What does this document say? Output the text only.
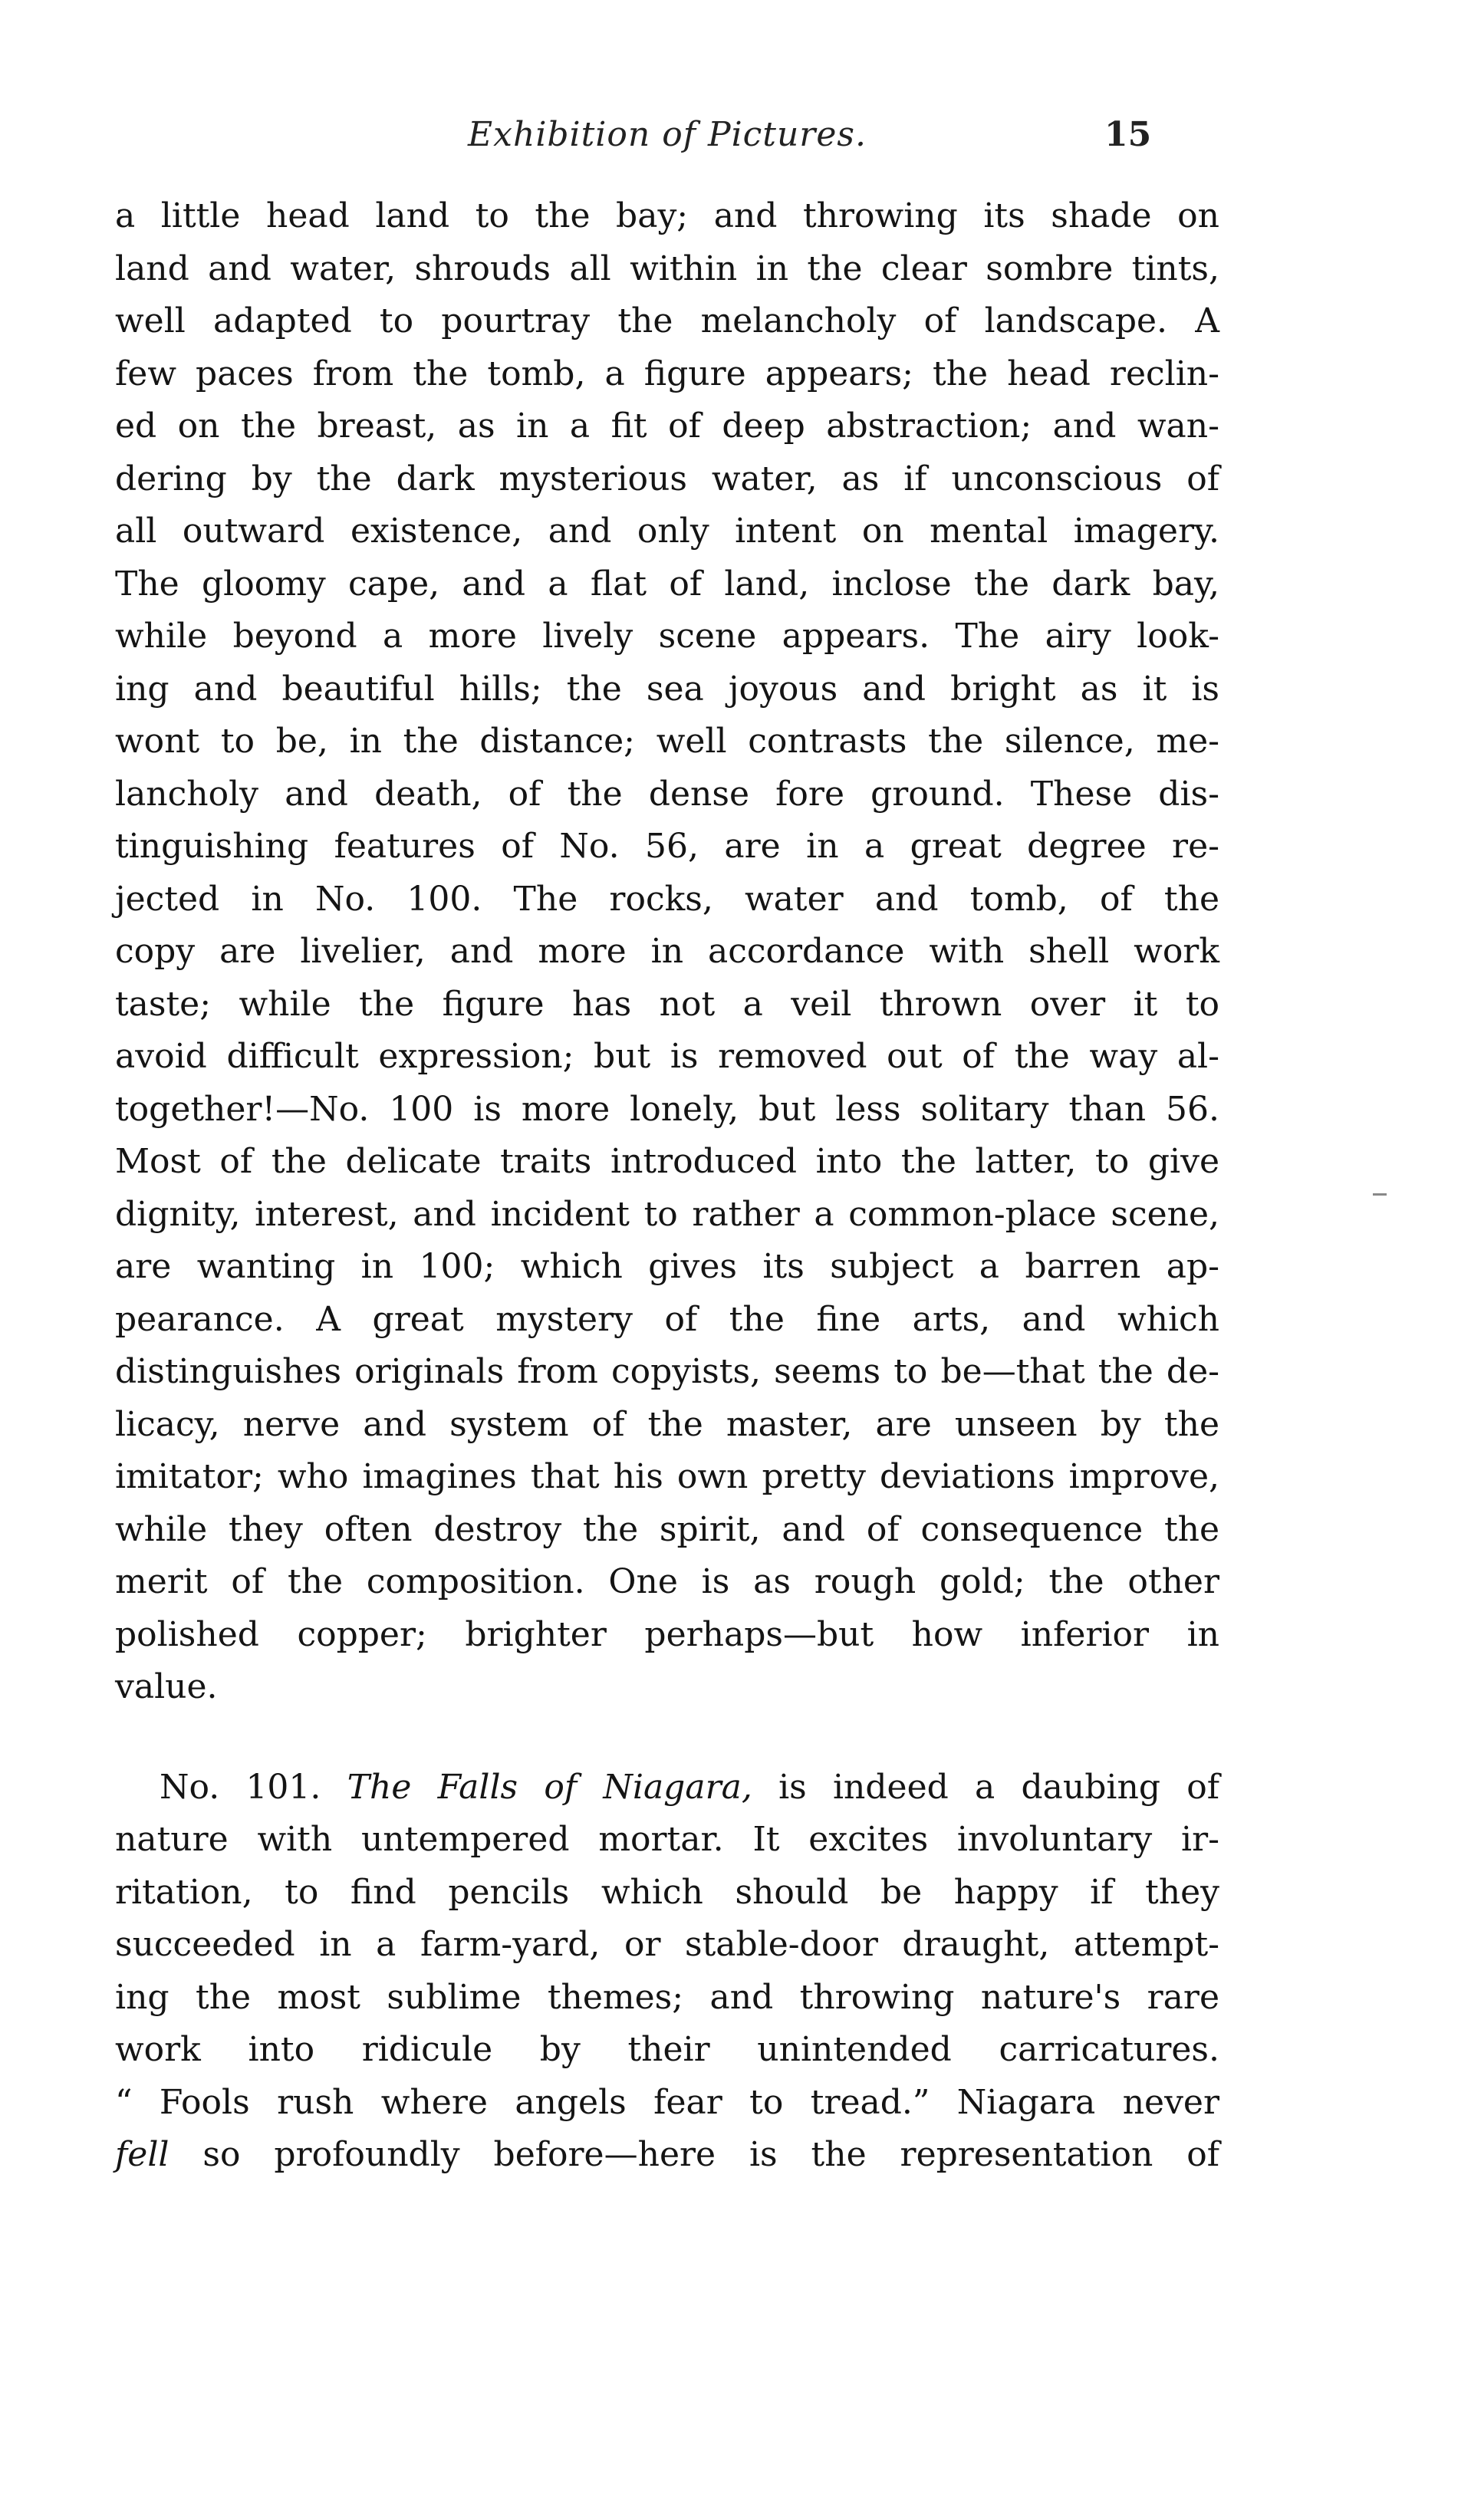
Exhibition of Pictures.	15
a little head land to the bay; and throwing its shade on
land and water, shrouds all within in the clear sombre tints,
well adapted to pourtray the melancholy of landscape. A
few paces from the tomb, a figure appears; the head reclin-
ed on the breast, as in a fit of deep abstraction; and wan-
dering by the dark mysterious water, as if unconscious of
all outward existence, and only intent on mental imagery.
The gloomy cape, and a flat of land, inclose the dark bay,
while beyond a more lively scene appears. The airy look-
ing and beautiful hills; the sea joyous and bright as it is
wont to be, in the distance; well contrasts the silence, me-
lancholy and death, of the dense fore ground. These dis-
tinguishing features of No. 56, are in a great degree re-
jected in No. 100. The rocks, water and tomb, of the
copy are livelier, and more in accordance with shell work
taste; while the figure has not a veil thrown over it to
avoid difficult expression; but is removed out of the way al-
together!—No. 100 is more lonely, but less solitary than 56.
Most of the delicate traits introduced into the latter, to give
dignity, interest, and incident to rather a common-place scene,
are wanting in 100; which gives its subject a barren ap-
pearance. A great mystery of the fine arts, and which
distinguishes originals from copyists, seems to be—that the de-
licacy, nerve and system of the master, are unseen by the
imitator; who imagines that his own pretty deviations improve,
while they often destroy the spirit, and of consequence the
merit of the composition. One is as rough gold; the other
polished copper; brighter perhaps—but how inferior in
value.
No. 101. The Falls of Niagara, is indeed a daubing of
nature with untempered mortar. It excites involuntary ir-
ritation, to find pencils which should be happy if they
succeeded in a farm-yard, or stable-door draught, attempt-
ing the most sublime themes; and throwing nature's rare
work into ridicule by their unintended carricatures.
“ Fools rush where angels fear to tread.” Niagara never
fell so profoundly before—here is the representation of
